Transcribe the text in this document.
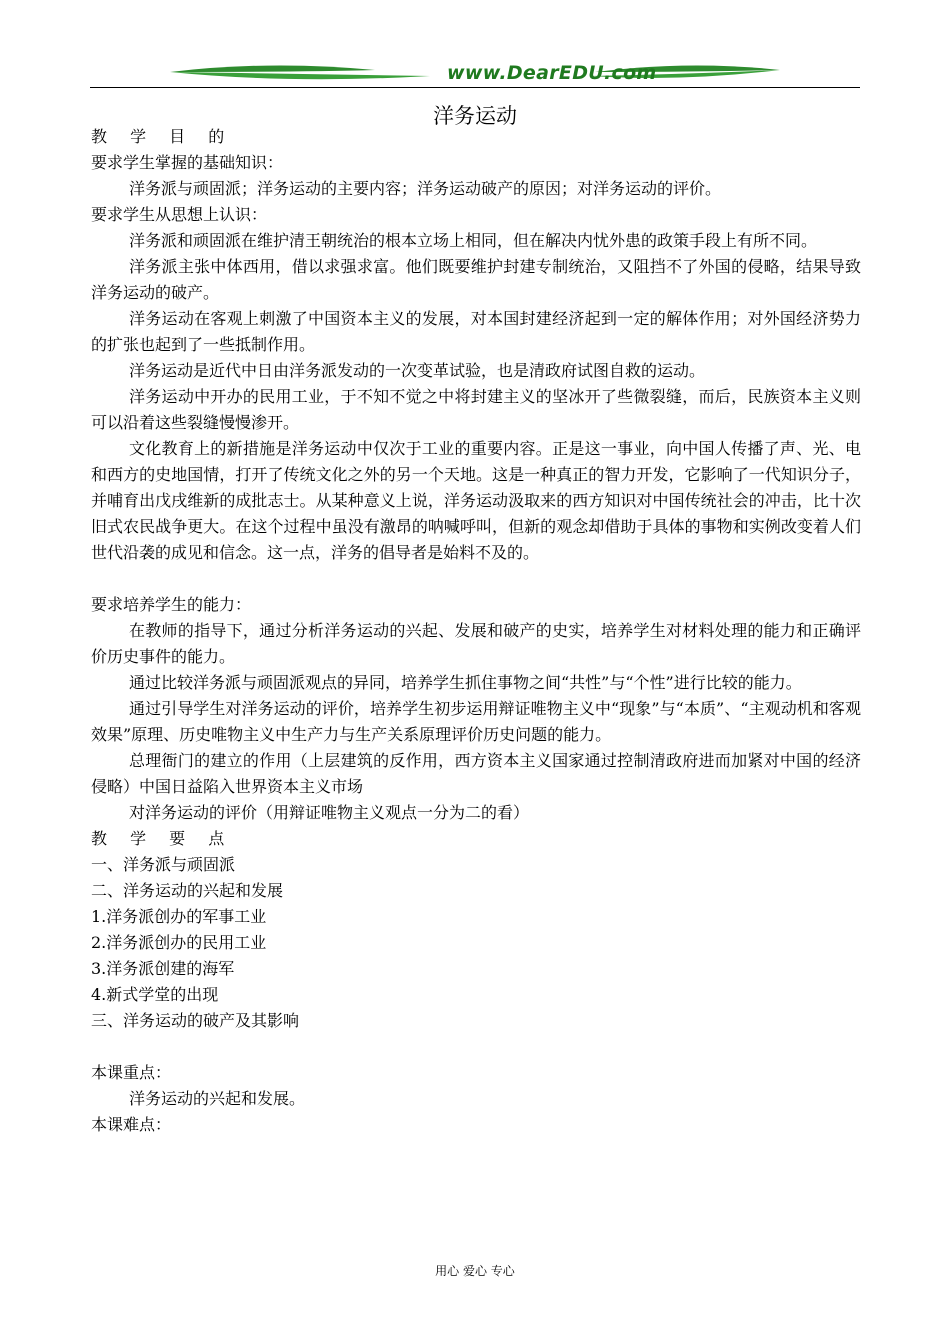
www.DearEDU.com
洋务运动

教 学 目 的

要求学生掌握的基础知识：

洋务派与顽固派；洋务运动的主要内容；洋务运动破产的原因；对洋务运动的评价。

要求学生从思想上认识：

洋务派和顽固派在维护清王朝统治的根本立场上相同，但在解决内忧外患的政策手段上有所不同。

洋务派主张中体西用，借以求强求富。他们既要维护封建专制统治，又阻挡不了外国的侵略，结果导致洋务运动的破产。

洋务运动在客观上刺激了中国资本主义的发展，对本国封建经济起到一定的解体作用；对外国经济势力的扩张也起到了一些抵制作用。

洋务运动是近代中日由洋务派发动的一次变革试验，也是清政府试图自救的运动。

洋务运动中开办的民用工业，于不知不觉之中将封建主义的坚冰开了些微裂缝，而后，民族资本主义则可以沿着这些裂缝慢慢渗开。

文化教育上的新措施是洋务运动中仅次于工业的重要内容。正是这一事业，向中国人传播了声、光、电和西方的史地国情，打开了传统文化之外的另一个天地。这是一种真正的智力开发，它影响了一代知识分子，并哺育出戊戌维新的成批志士。从某种意义上说，洋务运动汲取来的西方知识对中国传统社会的冲击，比十次旧式农民战争更大。在这个过程中虽没有激昂的呐喊呼叫，但新的观念却借助于具体的事物和实例改变着人们世代沿袭的成见和信念。这一点，洋务的倡导者是始料不及的。

要求培养学生的能力：

在教师的指导下，通过分析洋务运动的兴起、发展和破产的史实，培养学生对材料处理的能力和正确评价历史事件的能力。

通过比较洋务派与顽固派观点的异同，培养学生抓住事物之间“共性”与“个性”进行比较的能力。

通过引导学生对洋务运动的评价，培养学生初步运用辩证唯物主义中“现象”与“本质”、“主观动机和客观效果”原理、历史唯物主义中生产力与生产关系原理评价历史问题的能力。

总理衙门的建立的作用（上层建筑的反作用，西方资本主义国家通过控制清政府进而加紧对中国的经济侵略）中国日益陷入世界资本主义市场

对洋务运动的评价（用辩证唯物主义观点一分为二的看）

教 学 要 点

一、洋务派与顽固派

二、洋务运动的兴起和发展

1.洋务派创办的军事工业

2.洋务派创办的民用工业

3.洋务派创建的海军

4.新式学堂的出现

三、洋务运动的破产及其影响

本课重点：

洋务运动的兴起和发展。

本课难点：

用心 爱心 专心
